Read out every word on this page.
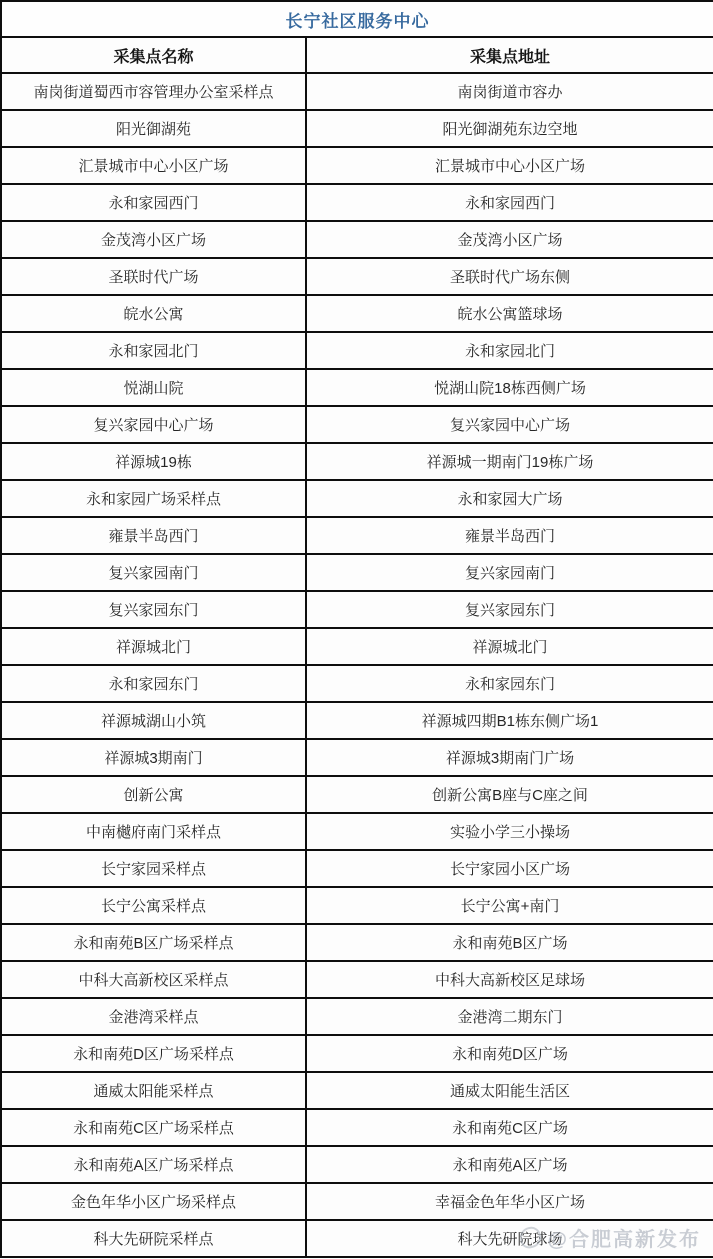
长宁社区服务中心	
采集点名称	采集点地址
南岗街道蜀西市容管理办公室采样点	南岗街道市容办
阳光御湖苑	阳光御湖苑东边空地
汇景城市中心小区广场	汇景城市中心小区广场
永和家园西门	永和家园西门
金茂湾小区广场	金茂湾小区广场
圣联时代广场	圣联时代广场东侧
皖水公寓	皖水公寓篮球场
永和家园北门	永和家园北门
悦湖山院	悦湖山院18栋西侧广场
复兴家园中心广场	复兴家园中心广场
祥源城19栋	祥源城一期南门19栋广场
永和家园广场采样点	永和家园大广场
雍景半岛西门	雍景半岛西门
复兴家园南门	复兴家园南门
复兴家园东门	复兴家园东门
祥源城北门	祥源城北门
永和家园东门	永和家园东门
祥源城湖山小筑	祥源城四期B1栋东侧广场1
祥源城3期南门	祥源城3期南门广场
创新公寓	创新公寓B座与C座之间
中南樾府南门采样点	实验小学三小操场
长宁家园采样点	长宁家园小区广场
长宁公寓采样点	长宁公寓+南门
永和南苑B区广场采样点	永和南苑B区广场
中科大高新校区采样点	中科大高新校区足球场
金港湾采样点	金港湾二期东门
永和南苑D区广场采样点	永和南苑D区广场
通威太阳能采样点	通威太阳能生活区
永和南苑C区广场采样点	永和南苑C区广场
永和南苑A区广场采样点	永和南苑A区广场
金色年华小区广场采样点	幸福金色年华小区广场
科大先研院采样点	科大先研院球场
@合肥高新发布
